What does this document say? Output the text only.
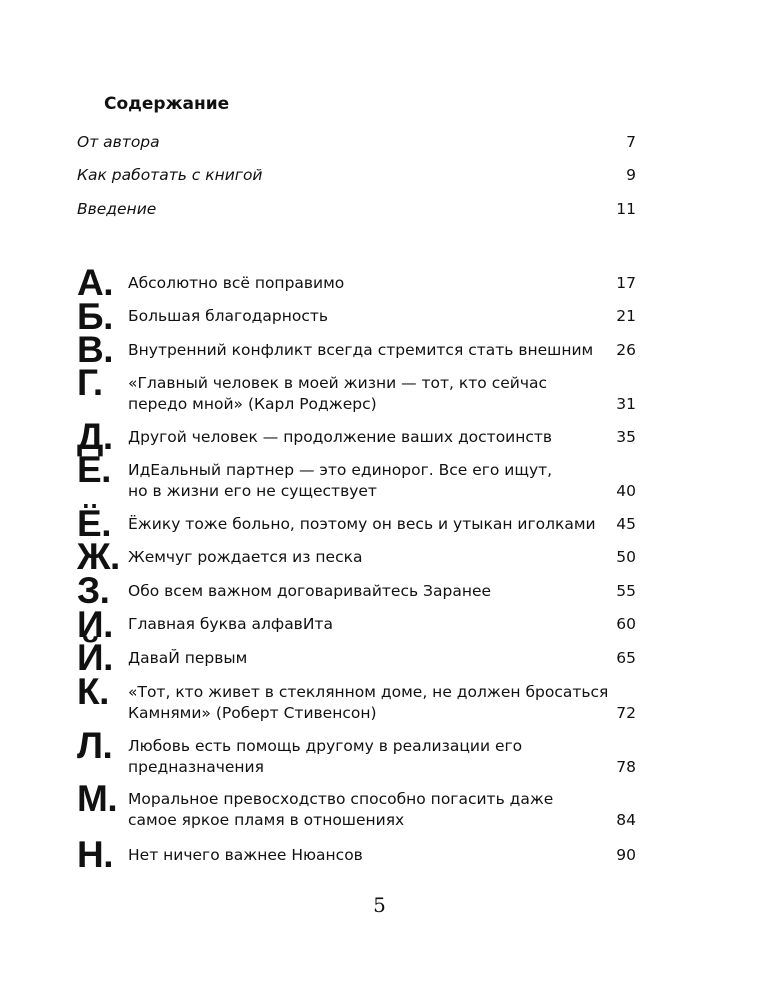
Содержание
От автора	7
Как работать с книгой	9
Введение	11
А. Абсолютно всё поправимо	17
Б. Большая благодарность	21
В. Внутренний конфликт всегда стремится стать внешним	26
Г. «Главный человек в моей жизни — тот, кто сейчас
передо мной» (Карл Роджерс)	31
Д. Другой человек — продолжение ваших достоинств	35
Е. ИдЕальный партнер — это единорог. Все его ищут,
но в жизни его не существует	40
Ё. Ёжику тоже больно, поэтому он весь и утыкан иголками	45
Ж. Жемчуг рождается из песка	50
З. Обо всем важном договаривайтесь Заранее	55
И. Главная буква алфавИта	60
Й. ДаваЙ первым	65
К. «Тот, кто живет в стеклянном доме, не должен бросаться
Камнями» (Роберт Стивенсон)	72
Л. Любовь есть помощь другому в реализации его
предназначения	78
М. Моральное превосходство способно погасить даже
самое яркое пламя в отношениях	84
Н. Нет ничего важнее Нюансов	90
5
